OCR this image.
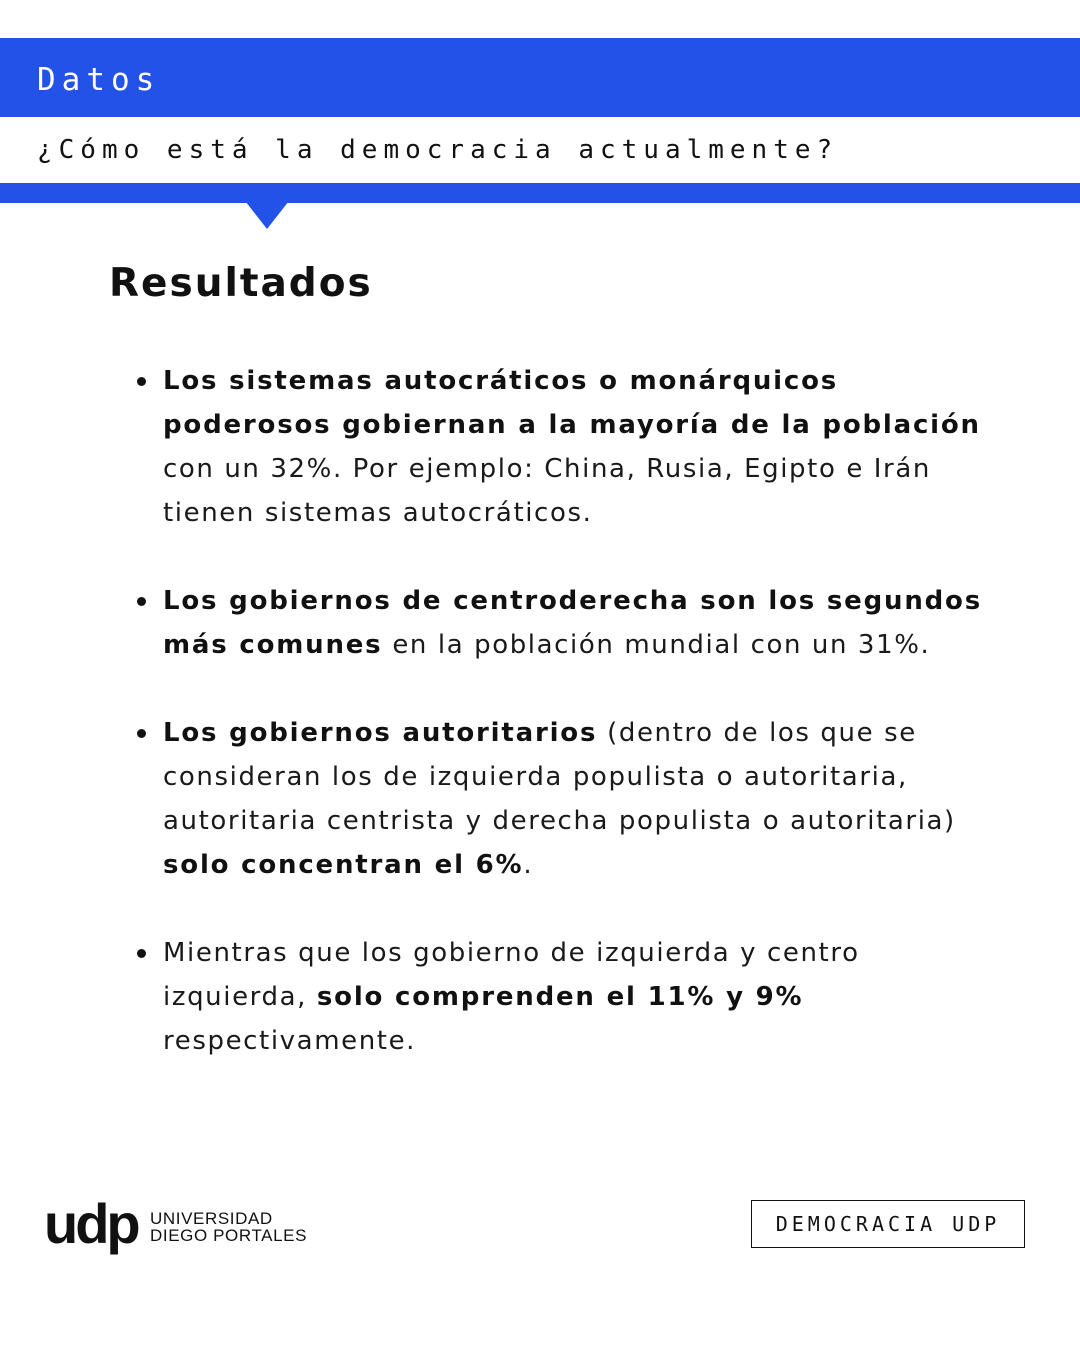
Datos
¿Cómo está la democracia actualmente?
Resultados
Los sistemas autocráticos o monárquicos poderosos gobiernan a la mayoría de la población con un 32%. Por ejemplo: China, Rusia, Egipto e Irán tienen sistemas autocráticos.
Los gobiernos de centroderecha son los segundos más comunes en la población mundial con un 31%.
Los gobiernos autoritarios (dentro de los que se consideran los de izquierda populista o autoritaria, autoritaria centrista y derecha populista o autoritaria) solo concentran el 6%.
Mientras que los gobierno de izquierda y centro izquierda, solo comprenden el 11% y 9% respectivamente.
udp UNIVERSIDAD
DIEGO PORTALES	DEMOCRACIA UDP
